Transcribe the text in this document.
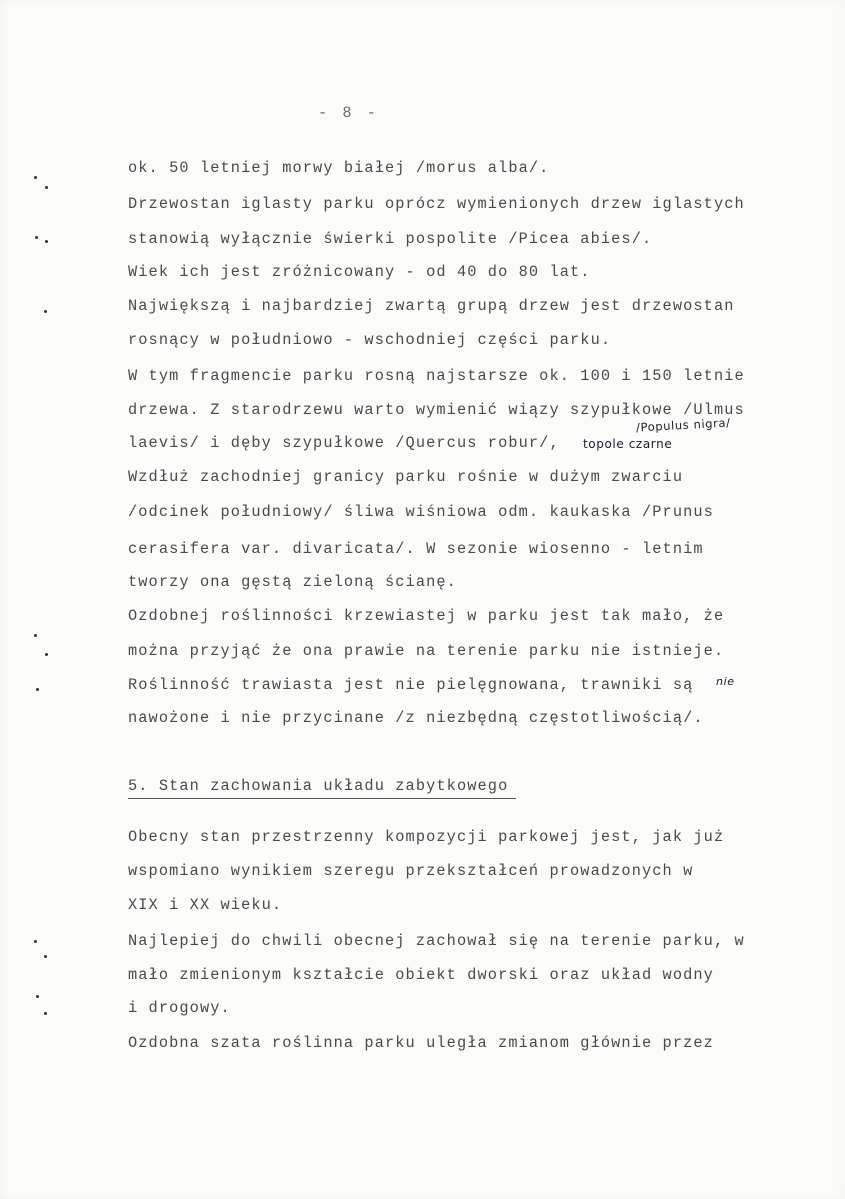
- 8 -
ok. 50 letniej morwy białej /morus alba/.
Drzewostan iglasty parku oprócz wymienionych drzew iglastych
stanowią wyłącznie świerki pospolite /Picea abies/.
Wiek ich jest zróżnicowany - od 40 do 80 lat.
Największą i najbardziej zwartą grupą drzew jest drzewostan
rosnący w południowo - wschodniej części parku.
W tym fragmencie parku rosną najstarsze ok. 100 i 150 letnie
drzewa. Z starodrzewu warto wymienić wiązy szypułkowe /Ulmus
laevis/ i dęby szypułkowe /Quercus robur/,
Wzdłuż zachodniej granicy parku rośnie w dużym zwarciu
/odcinek południowy/ śliwa wiśniowa odm. kaukaska /Prunus
cerasifera var. divaricata/. W sezonie wiosenno - letnim
tworzy ona gęstą zieloną ścianę.
Ozdobnej roślinności krzewiastej w parku jest tak mało, że
można przyjąć że ona prawie na terenie parku nie istnieje.
Roślinność trawiasta jest nie pielęgnowana, trawniki są
nawożone i nie przycinane /z niezbędną częstotliwością/.
/Populus nigra/
topole czarne
nie
5. Stan zachowania układu zabytkowego
Obecny stan przestrzenny kompozycji parkowej jest, jak już
wspomiano wynikiem szeregu przekształceń prowadzonych w
XIX i XX wieku.
Najlepiej do chwili obecnej zachował się na terenie parku, w
mało zmienionym kształcie obiekt dworski oraz układ wodny
i drogowy.
Ozdobna szata roślinna parku uległa zmianom głównie przez
